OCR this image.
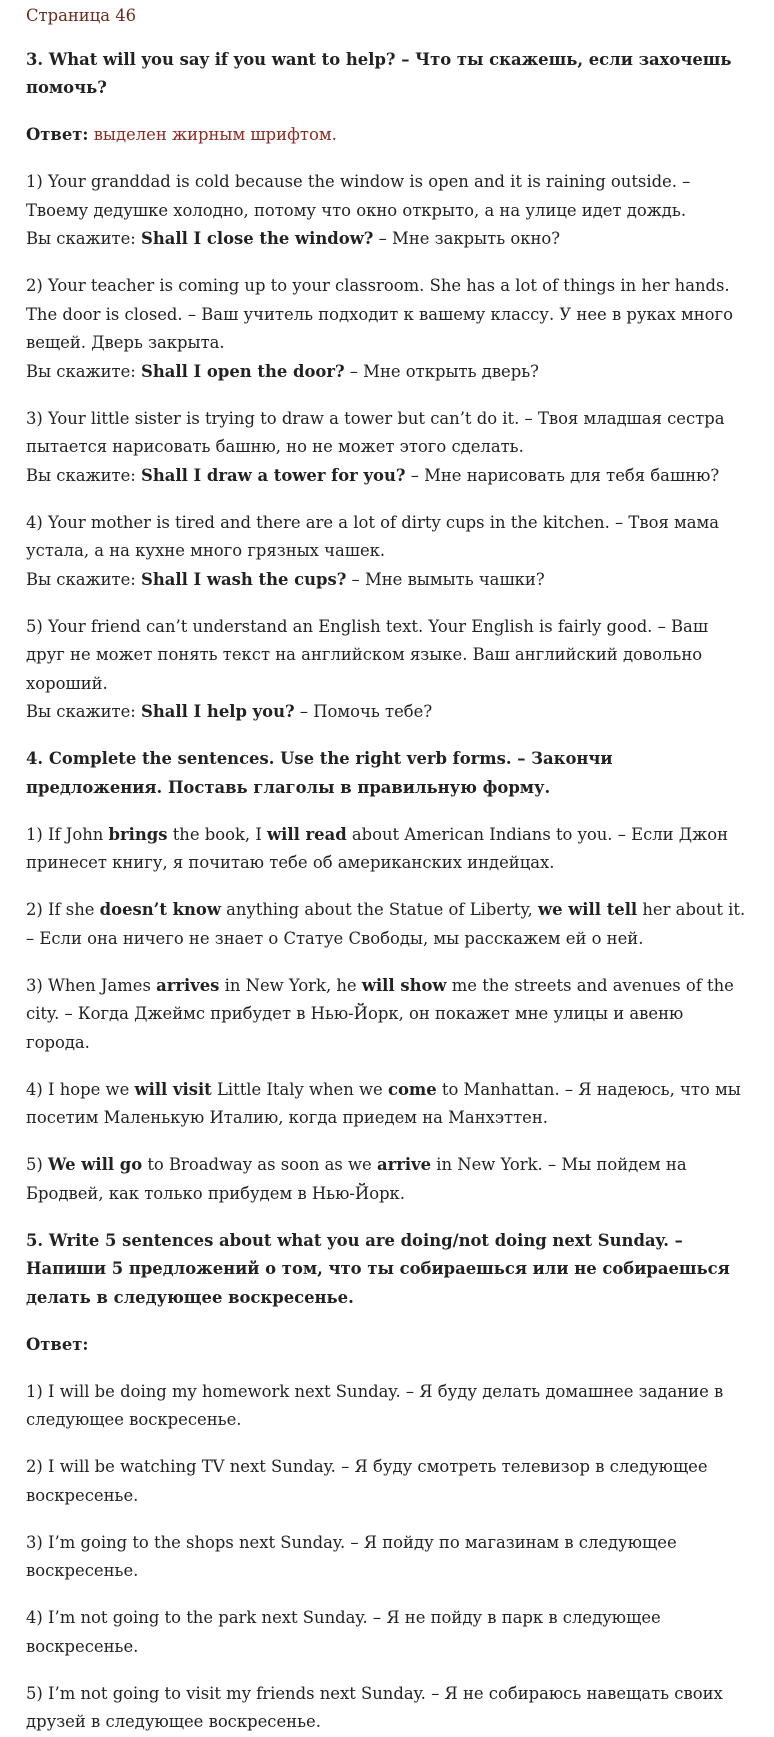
Страница 46

3. What will you say if you want to help? – Что ты скажешь, если захочешь помочь?

Ответ: выделен жирным шрифтом.

1) Your granddad is cold because the window is open and it is raining outside. – Твоему дедушке холодно, потому что окно открыто, а на улице идет дождь.
Вы скажите: Shall I close the window? – Мне закрыть окно?

2) Your teacher is coming up to your classroom. She has a lot of things in her hands. The door is closed. – Ваш учитель подходит к вашему классу. У нее в руках много вещей. Дверь закрыта.
Вы скажите: Shall I open the door? – Мне открыть дверь?

3) Your little sister is trying to draw a tower but can’t do it. – Твоя младшая сестра пытается нарисовать башню, но не может этого сделать.
Вы скажите: Shall I draw a tower for you? – Мне нарисовать для тебя башню?

4) Your mother is tired and there are a lot of dirty cups in the kitchen. – Твоя мама устала, а на кухне много грязных чашек.
Вы скажите: Shall I wash the cups? – Мне вымыть чашки?

5) Your friend can’t understand an English text. Your English is fairly good. – Ваш друг не может понять текст на английском языке. Ваш английский довольно хороший.
Вы скажите: Shall I help you? – Помочь тебе?

4. Complete the sentences. Use the right verb forms. – Закончи предложения. Поставь глаголы в правильную форму.

1) If John brings the book, I will read about American Indians to you. – Если Джон принесет книгу, я почитаю тебе об американских индейцах.

2) If she doesn’t know anything about the Statue of Liberty, we will tell her about it. – Если она ничего не знает о Статуе Свободы, мы расскажем ей о ней.

3) When James arrives in New York, he will show me the streets and avenues of the city. – Когда Джеймс прибудет в Нью-Йорк, он покажет мне улицы и авеню города.

4) I hope we will visit Little Italy when we come to Manhattan. – Я надеюсь, что мы посетим Маленькую Италию, когда приедем на Манхэттен.

5) We will go to Broadway as soon as we arrive in New York. – Мы пойдем на Бродвей, как только прибудем в Нью-Йорк.

5. Write 5 sentences about what you are doing/not doing next Sunday. – Напиши 5 предложений о том, что ты собираешься или не собираешься делать в следующее воскресенье.

Ответ:

1) I will be doing my homework next Sunday. – Я буду делать домашнее задание в следующее воскресенье.

2) I will be watching TV next Sunday. – Я буду смотреть телевизор в следующее воскресенье.

3) I’m going to the shops next Sunday. – Я пойду по магазинам в следующее воскресенье.

4) I’m not going to the park next Sunday. – Я не пойду в парк в следующее воскресенье.

5) I’m not going to visit my friends next Sunday. – Я не собираюсь навещать своих друзей в следующее воскресенье.
